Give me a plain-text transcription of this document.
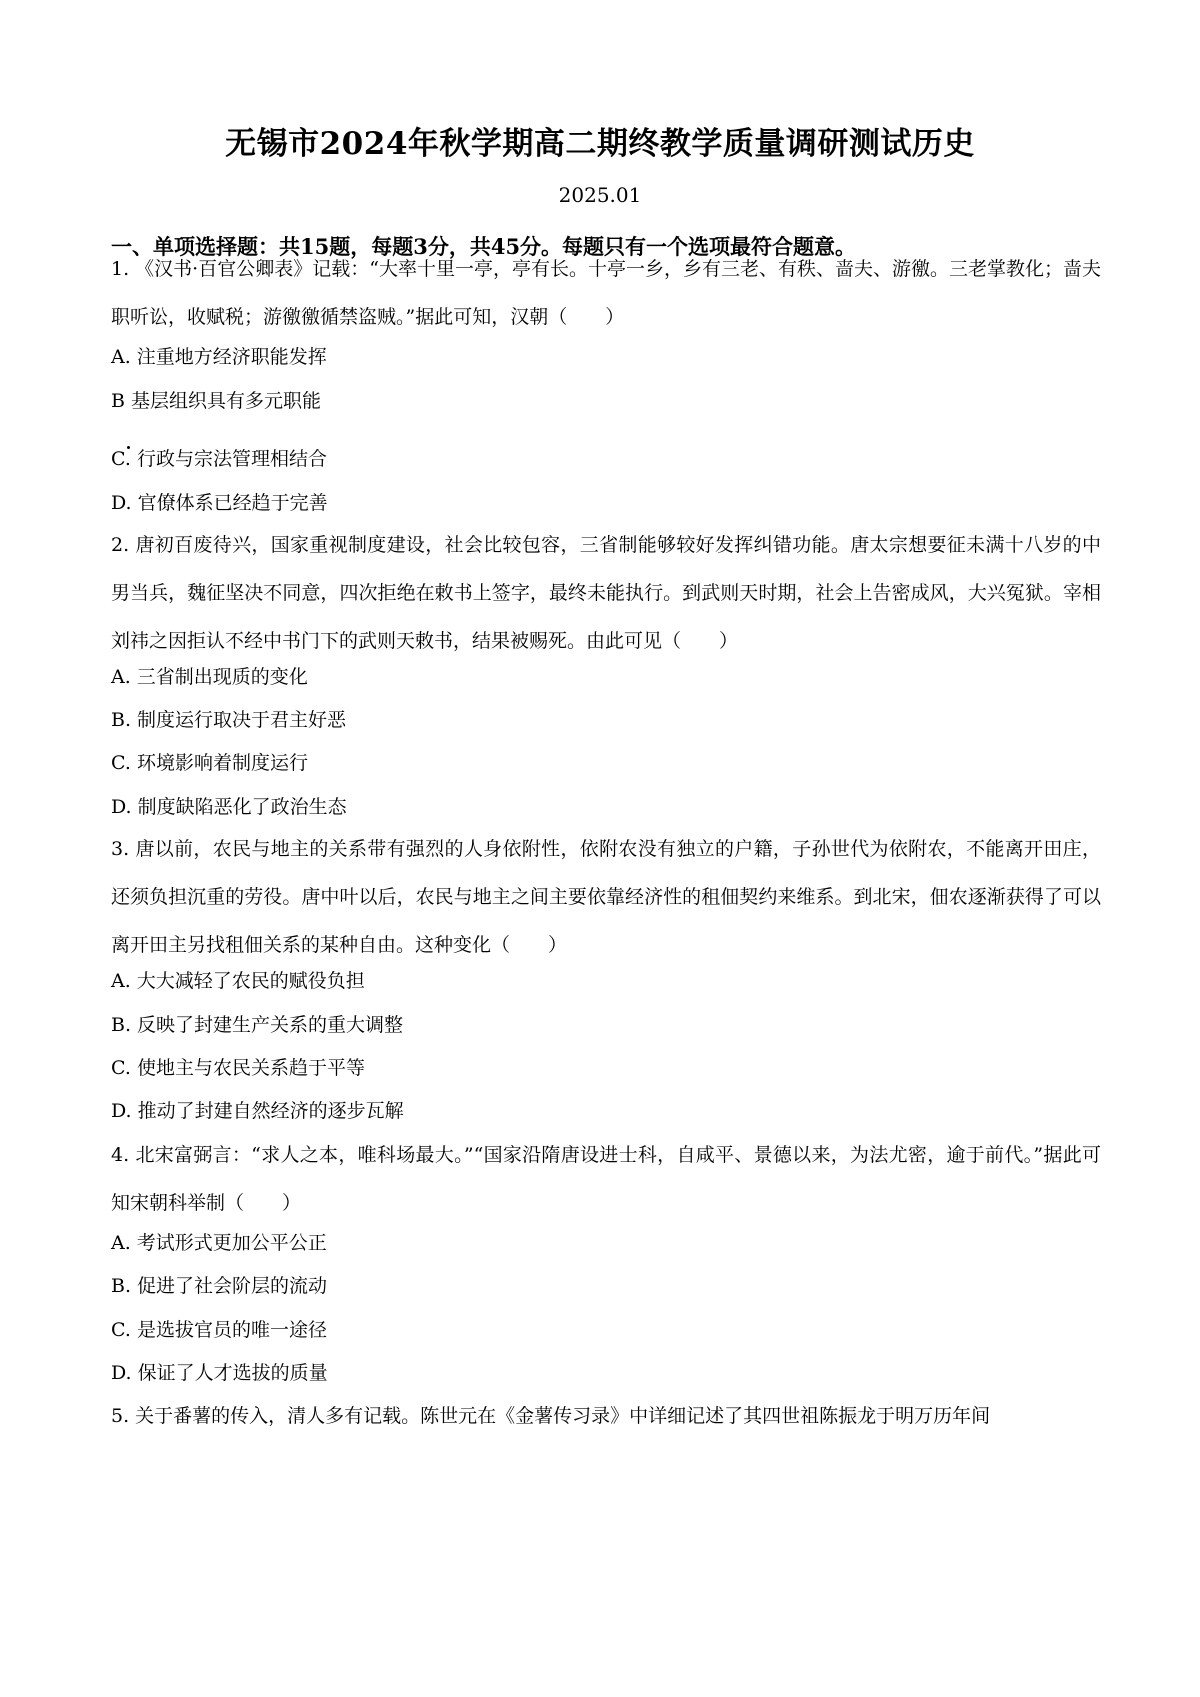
无锡市2024年秋学期高二期终教学质量调研测试历史
2025.01
一、单项选择题：共15题，每题3分，共45分。每题只有一个选项最符合题意。
1. 《汉书·百官公卿表》记载：“大率十里一亭，亭有长。十亭一乡，乡有三老、有秩、啬夫、游徼。三老掌教化；啬夫职听讼，收赋税；游徼徼循禁盗贼。”据此可知，汉朝（　　）
A. 注重地方经济职能发挥
B 基层组织具有多元职能
C. 行政与宗法管理相结合
D. 官僚体系已经趋于完善
2. 唐初百废待兴，国家重视制度建设，社会比较包容，三省制能够较好发挥纠错功能。唐太宗想要征未满十八岁的中男当兵，魏征坚决不同意，四次拒绝在敕书上签字，最终未能执行。到武则天时期，社会上告密成风，大兴冤狱。宰相刘祎之因拒认不经中书门下的武则天敕书，结果被赐死。由此可见（　　）
A. 三省制出现质的变化
B. 制度运行取决于君主好恶
C. 环境影响着制度运行
D. 制度缺陷恶化了政治生态
3. 唐以前，农民与地主的关系带有强烈的人身依附性，依附农没有独立的户籍，子孙世代为依附农，不能离开田庄，还须负担沉重的劳役。唐中叶以后，农民与地主之间主要依靠经济性的租佃契约来维系。到北宋，佃农逐渐获得了可以离开田主另找租佃关系的某种自由。这种变化（　　）
A. 大大减轻了农民的赋役负担
B. 反映了封建生产关系的重大调整
C. 使地主与农民关系趋于平等
D. 推动了封建自然经济的逐步瓦解
4. 北宋富弼言：“求人之本，唯科场最大。”“国家沿隋唐设进士科，自咸平、景德以来，为法尤密，逾于前代。”据此可知宋朝科举制（　　）
A. 考试形式更加公平公正
B. 促进了社会阶层的流动
C. 是选拔官员的唯一途径
D. 保证了人才选拔的质量
5. 关于番薯的传入，清人多有记载。陈世元在《金薯传习录》中详细记述了其四世祖陈振龙于明万历年间
